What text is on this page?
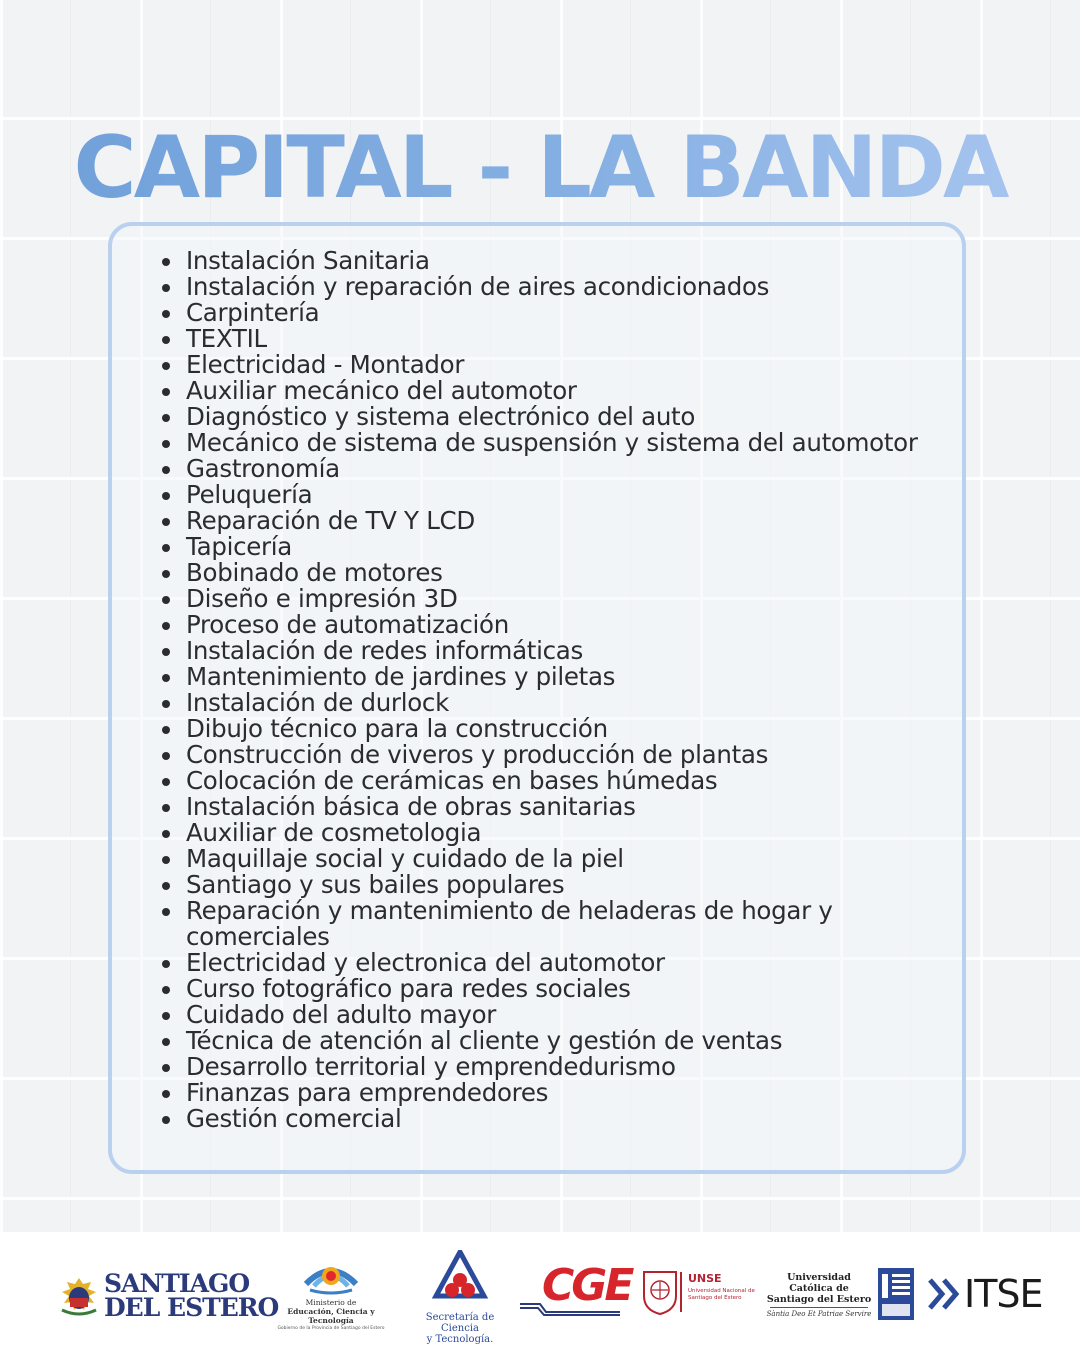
CAPITAL - LA BANDA
Instalación Sanitaria
Instalación y reparación de aires acondicionados
Carpintería
TEXTIL
Electricidad - Montador
Auxiliar mecánico del automotor
Diagnóstico y sistema electrónico del auto
Mecánico de sistema de suspensión y sistema del automotor
Gastronomía
Peluquería
Reparación de TV Y LCD
Tapicería
Bobinado de motores
Diseño e impresión 3D
Proceso de automatización
Instalación de redes informáticas
Mantenimiento de jardines y piletas
Instalación de durlock
Dibujo técnico para la construcción
Construcción de viveros y producción de plantas
Colocación de cerámicas en bases húmedas
Instalación básica de obras sanitarias
Auxiliar de cosmetologia
Maquillaje social y cuidado de la piel
Santiago y sus bailes populares
Reparación y mantenimiento de heladeras de hogar y comerciales
Electricidad y electronica del automotor
Curso fotográfico para redes sociales
Cuidado del adulto mayor
Técnica de atención al cliente y gestión de ventas
Desarrollo territorial y emprendedurismo
Finanzas para emprendedores
Gestión comercial
SANTIAGO
DEL ESTERO	Ministerio de
Educación, Ciencia y Tecnología
Gobierno de la Provincia de Santiago del Estero
Secretaría de Ciencia
y Tecnología.
CGE	UNSE
Universidad Nacional de Santiago del Estero
Universidad Católica de Santiago del Estero
Sàntia Deo Et Patriae Servire ITSE
